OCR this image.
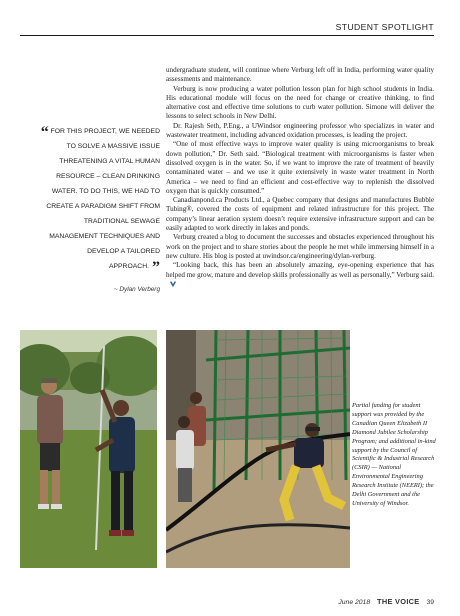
STUDENT SPOTLIGHT
“ FOR THIS PROJECT, WE NEEDED TO SOLVE A MASSIVE ISSUE THREATENING A VITAL HUMAN RESOURCE – CLEAN DRINKING WATER. TO DO THIS, WE HAD TO CREATE A PARADIGM SHIFT FROM TRADITIONAL SEWAGE MANAGEMENT TECHNIQUES AND DEVELOP A TAILORED APPROACH. ”
~ Dylan Verberg

undergraduate student, will continue where Verburg left off in India, performing water quality assessments and maintenance.

Verburg is now producing a water pollution lesson plan for high school students in India. His educational module will focus on the need for change or creative thinking, to find alternative cost and effective time solutions to curb water pollution. Simone will deliver the lessons to select schools in New Delhi.

Dr. Rajesh Seth, P.Eng., a UWindsor engineering professor who specializes in water and wastewater treatment, including advanced oxidation processes, is leading the project.

“One of most effective ways to improve water quality is using microorganisms to break down pollution,” Dr. Seth said. “Biological treatment with microorganisms is faster when dissolved oxygen is in the water. So, if we want to improve the rate of treatment of heavily contaminated water – and we use it quite extensively in waste water treatment in North America – we need to find an efficient and cost-effective way to replenish the dissolved oxygen that is quickly consumed.”

Canadianpond.ca Products Ltd., a Quebec company that designs and manufactures Bubble Tubing®, covered the costs of equipment and related infrastructure for this project. The company’s linear aeration system doesn’t require extensive infrastructure support and can be easily adapted to work directly in lakes and ponds.

Verburg created a blog to document the successes and obstacles experienced throughout his work on the project and to share stories about the people he met while immersing himself in a new culture. His blog is posted at uwindsor.ca/engineering/dylan-verburg.

“Looking back, this has been an absolutely amazing, eye-opening experience that has helped me grow, mature and develop skills professionally as well as personally,” Verburg said.

Partial funding for student support was provided by the Canadian Queen Elizabeth II Diamond Jubilee Scholarship Program; and additional in-kind support by the Council of Scientific & Industrial Research (CSIR) — National Environmental Engineering Research Institute (NEERI); the Delhi Government and the University of Windsor.
June 2018 THE VOICE 39
